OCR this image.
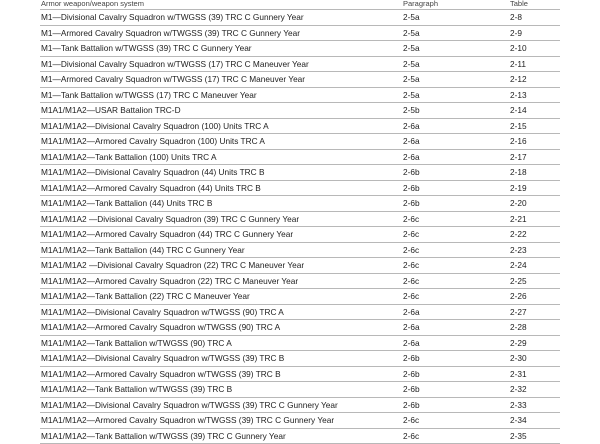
Armor weapon/weapon system	Paragraph	Table
M1—Divisional Cavalry Squadron w/TWGSS (39) TRC C Gunnery Year	2-5a	2-8
M1—Armored Cavalry Squadron w/TWGSS (39) TRC C Gunnery Year	2-5a	2-9
M1—Tank Battalion w/TWGSS (39) TRC C Gunnery Year	2-5a	2-10
M1—Divisional Cavalry Squadron w/TWGSS (17) TRC C Maneuver Year	2-5a	2-11
M1—Armored Cavalry Squadron w/TWGSS (17) TRC C Maneuver Year	2-5a	2-12
M1—Tank Battalion w/TWGSS (17) TRC C Maneuver Year	2-5a	2-13
M1A1/M1A2—USAR Battalion TRC-D	2-5b	2-14
M1A1/M1A2—Divisional Cavalry Squadron (100) Units TRC A	2-6a	2-15
M1A1/M1A2—Armored Cavalry Squadron (100) Units TRC A	2-6a	2-16
M1A1/M1A2—Tank Battalion (100) Units TRC A	2-6a	2-17
M1A1/M1A2—Divisional Cavalry Squadron (44) Units TRC B	2-6b	2-18
M1A1/M1A2—Armored Cavalry Squadron (44) Units TRC B	2-6b	2-19
M1A1/M1A2—Tank Battalion (44) Units TRC B	2-6b	2-20
M1A1/M1A2 —Divisional Cavalry Squadron (39) TRC C Gunnery Year	2-6c	2-21
M1A1/M1A2—Armored Cavalry Squadron (44) TRC C Gunnery Year	2-6c	2-22
M1A1/M1A2—Tank Battalion (44) TRC C Gunnery Year	2-6c	2-23
M1A1/M1A2 —Divisional Cavalry Squadron (22) TRC C Maneuver Year	2-6c	2-24
M1A1/M1A2—Armored Cavalry Squadron (22) TRC C Maneuver Year	2-6c	2-25
M1A1/M1A2—Tank Battalion (22) TRC C Maneuver Year	2-6c	2-26
M1A1/M1A2—Divisional Cavalry Squadron w/TWGSS (90) TRC A	2-6a	2-27
M1A1/M1A2—Armored Cavalry Squadron w/TWGSS (90) TRC A	2-6a	2-28
M1A1/M1A2—Tank Battalion w/TWGSS (90) TRC A	2-6a	2-29
M1A1/M1A2—Divisional Cavalry Squadron w/TWGSS (39) TRC B	2-6b	2-30
M1A1/M1A2—Armored Cavalry Squadron w/TWGSS (39) TRC B	2-6b	2-31
M1A1/M1A2—Tank Battalion w/TWGSS (39) TRC B	2-6b	2-32
M1A1/M1A2—Divisional Cavalry Squadron w/TWGSS (39) TRC C Gunnery Year	2-6b	2-33
M1A1/M1A2—Armored Cavalry Squadron w/TWGSS (39) TRC C Gunnery Year	2-6c	2-34
M1A1/M1A2—Tank Battalion w/TWGSS (39) TRC C Gunnery Year	2-6c	2-35
